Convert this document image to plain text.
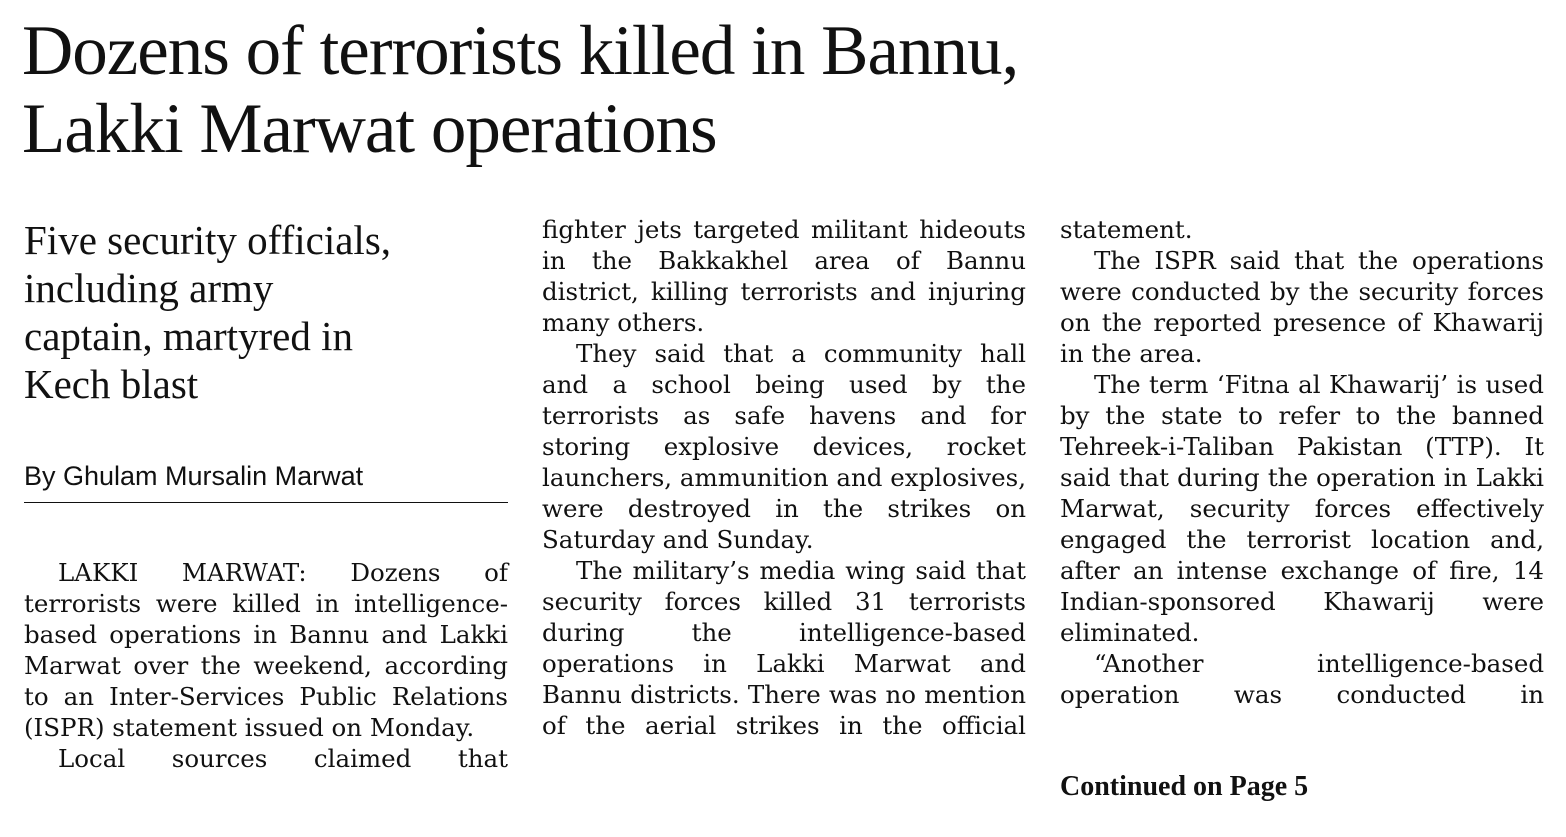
Dozens of terrorists killed in Bannu,
Lakki Marwat operations
Five security officials,
including army
captain, martyred in
Kech blast
By Ghulam Mursalin Marwat

LAKKI MARWAT: Dozens of terrorists were killed in intelligence-based operations in Bannu and Lakki Marwat over the weekend, according to an Inter-Services Public Relations (ISPR) statement issued on Monday.

Local sources claimed that

fighter jets targeted militant hideouts in the Bakkakhel area of Bannu district, killing terrorists and injuring many others.

They said that a community hall and a school being used by the terrorists as safe havens and for storing explosive devices, rocket launchers, ammunition and explosives, were destroyed in the strikes on Saturday and Sunday.

The military’s media wing said that security forces killed 31 terrorists during the intelligence-based operations in Lakki Marwat and Bannu districts. There was no mention of the aerial strikes in the official

statement.

The ISPR said that the operations were conducted by the security forces on the reported presence of Khawarij in the area.

The term ‘Fitna al Khawarij’ is used by the state to refer to the banned Tehreek-i-Taliban Pakistan (TTP). It said that during the operation in Lakki Marwat, security forces effectively engaged the terrorist location and, after an intense exchange of fire, 14 Indian-sponsored Khawarij were eliminated.

“Another intelligence-based operation was conducted in

Continued on Page 5
